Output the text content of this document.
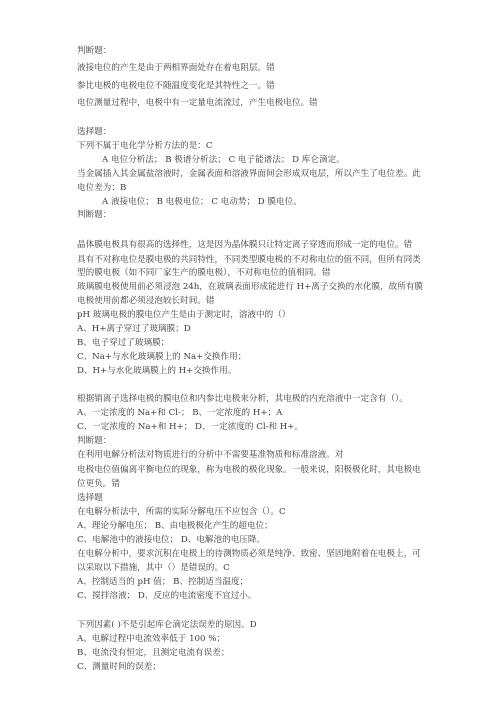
判断题：
液接电位的产生是由于两相界面处存在着电阻层。错
参比电极的电极电位不随温度变化是其特性之一。错
电位测量过程中，电极中有一定量电流流过，产生电极电位。错
选择题：
下列不属于电化学分析方法的是：C
A 电位分析法； B 极谱分析法； C 电子能谱法； D 库仑滴定。
当金属插入其金属盐溶液时，金属表面和溶液界面间会形成双电层，所以产生了电位差。此
电位差为：B
A 液接电位； B 电极电位； C 电动势； D 膜电位。
判断题：
晶体膜电极具有很高的选择性，这是因为晶体膜只让特定离子穿透而形成一定的电位。错
具有不对称电位是膜电极的共同特性，不同类型膜电极的不对称电位的值不同，但所有同类
型的膜电极（如不同厂家生产的膜电极），不对称电位的值相同。错
玻璃膜电极使用前必须浸泡 24h，在玻璃表面形成能进行 H+离子交换的水化膜，故所有膜
电极使用前都必须浸泡较长时间。错
pH 玻璃电极的膜电位产生是由于测定时，溶液中的（）
A、H+离子穿过了玻璃膜；D
B、电子穿过了玻璃膜；
C、Na+与水化玻璃膜上的 Na+交换作用；
D、H+与水化玻璃膜上的 H+交换作用。
根据销离子选择电极的膜电位和内参比电极来分析，其电极的内充溶液中一定含有（）。
A、一定浓度的 Na+和 Cl-； B、一定浓度的 H+；A
C、一定浓度的 Na+和 H+； D、一定浓度的 Cl-和 H+。
判断题：
在利用电解分析法对物质进行的分析中不需要基准物质和标准溶液。对
电极电位值偏离平衡电位的现象，称为电极的极化现象。一般来说，阳极极化时，其电极电
位更负。错
选择题
在电解分析法中，所需的实际分解电压不应包含（）。C
A、理论分解电压； B、由电极极化产生的超电位；
C、电解池中的液接电位； D、电解池的电压降。
在电解分析中，要求沉积在电极上的待测物质必须是纯净、致密、坚固地附着在电极上，可
以采取以下措施，其中（）是错误的。C
A、控制适当的 pH 值； B、控制适当温度；
C、搅拌溶液； D、反应的电流密度不宜过小。
下列因素( )不是引起库仑滴定法误差的原因。D
A、电解过程中电流效率低于 100 %；
B、电流没有恒定，且测定电流有误差；
C、测量时间的误差；
